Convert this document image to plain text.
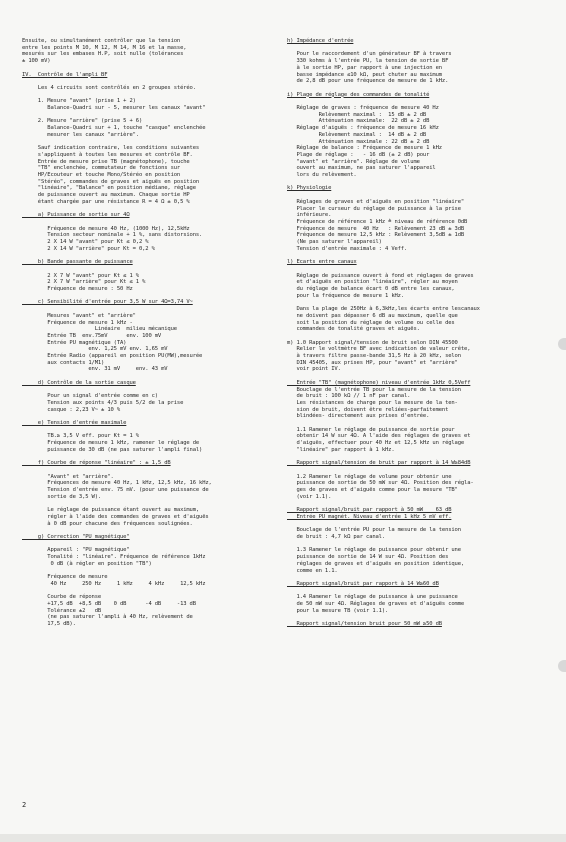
Ensuite, ou simultanément contrôler que la tension

entre les points M 10, M 12, M 14, M 16 et la masse,

mesurés sur les embases H.P, soit nulle (tolérances

± 100 mV)

IV.  Contrôle de l'ampli BF

Les 4 circuits sont contrôlés en 2 groupes stéréo.

1. Mesure "avant" (prise 1 + 2)

Balance-Quadri sur - 5, mesurer les canaux "avant"

2. Mesure "arrière" (prise 5 + 6)

Balance-Quadri sur + 1, touche "casque" enclenchée

mesurer les canaux "arrière".

Sauf indication contraire, les conditions suivantes

s'appliquent à toutes les mesures et contrôle BF.

Entrée de mesure prise TB (magnétophone), touche

"TB" enclenchée, commutateur de fonctions sur

HP/Ecouteur et touche Mono/Stéréo en position

"Stéréo", commandes de graves et aiguës en position

"linéaire", "Balance" en position médiane, réglage

de puissance ouvert au maximum. Chaque sortie HP

étant chargée par une résistance R = 4 Ω ± 0,5 %

a) Puissance de sortie sur 4Ω

Fréquence de mesure 40 Hz, (1000 Hz), 12,5kHz

Tension secteur nominale + 1 %, sans distorsions.

2 X 14 W "avant" pour Kt ≤ 0,2 %

2 X 14 W "arrière" pour Kt = 0,2 %

b) Bande passante de puissance

2 X 7 W "avant" pour Kt ≤ 1 %

2 X 7 W "arrière" pour Kt ≤ 1 %

Fréquence de mesure : 50 Hz

c) Sensibilité d'entrée pour 3,5 W sur 4Ω=3,74 V~

Mesures "avant" et "arrière"

Fréquence de mesure 1 kHz -

Linéaire  milieu mécanique

Entrée TB  env.75mV      env. 100 mV

Entrée PU magnétique (TA)

env. 1,25 mV env. 1,65 mV

Entrée Radio (appareil en position PU(MW),mesurée

aux contacts 1/M1)

env. 31 mV     env. 43 mV

d) Contrôle de la sortie casque

Pour un signal d'entrée comme en c)

Tension aux points 4/3 puis 5/2 de la prise

casque : 2,23 V~ ± 10 %

e) Tension d'entrée maximale

TB.≥ 3,5 V eff. pour Kt = 1 %

Fréquence de mesure 1 kHz, ramener le réglage de

puissance de 30 dB (ne pas saturer l'ampli final)

f) Courbe de réponse "linéaire" : ± 1,5 dB

"Avant" et "arrière".

Fréquences de mesure 40 Hz, 1 kHz, 12,5 kHz, 16 kHz,

Tension d'entrée env. 75 mV. (pour une puissance de

sortie de 3,5 W).

Le réglage de puissance étant ouvert au maximum,

régler à l'aide des commandes de graves et d'aiguës

à 0 dB pour chacune des fréquences soulignées.

g) Correction "PU magnétique"

Appareil : "PU magnétique"

Tonalité : "linéaire". Fréquence de référence 1kHz

0 dB (à régler en position "TB")

Fréquence de mesure

40 Hz     250 Hz     1 kHz     4 kHz     12,5 kHz

Courbe de réponse

+17,5 dB  +8,5 dB    0 dB      -4 dB     -13 dB

Tolérance ±2   dB

(ne pas saturer l'ampli à 40 Hz, relèvement de

17,5 dB).

h) Impédance d'entrée

Pour le raccordement d'un générateur BF à travers

330 kohms à l'entrée PU, la tension de sortie BF

à le sortie HP, par rapport à une injection en

basse impédance ≤10 kΩ, peut chuter au maximum

de 2,8 dB pour une fréquence de mesure de 1 kHz.

i) Plage de réglage des commandes de tonalité

Réglage de graves : fréquence de mesure 40 Hz

Relèvement maximal :  15 dB ± 2 dB

Atténuation maximale:  22 dB ± 2 dB

Réglage d'aiguës : fréquence de mesure 16 kHz

Relèvement maximal :  14 dB ± 2 dB

Atténuation maximale : 22 dB ± 2 dB

Réglage de balance : Fréquence de mesure 1 kHz

Plage de réglage :   - 16 dB (± 2 dB) pour

"avant" et "arrière". Réglage de volume

ouvert au maximum, ne pas saturer l'appareil

lors du relèvement.

k) Physiologie

Réglages de graves et d'aiguës en position "linéaire"

Placer le curseur du réglage de puissance à la prise

inférieure.

Fréquence de référence 1 kHz ≙ niveau de référence 0dB

Fréquence de mesure  40 Hz   : Relèvement 23 dB ± 3dB

Fréquence de mesure 12,5 kHz : Relèvement 3,5dB ± 1dB

(Ne pas saturer l'appareil)

Tension d'entrée maximale : 4 Veff.

l) Ecarts entre canaux

Réglage de puissance ouvert à fond et réglages de graves

et d'aiguës en position "linéaire", régler au moyen

du réglage de balance écart 0 dB entre les canaux,

pour la fréquence de mesure 1 kHz.

Dans la plage de 250Hz à 6,3kHz,les écarts entre lescanaux

ne doivent pas dépasser 6 dB au maximum, quelle que

soit la position du réglage de volume ou celle des

commandes de tonalité graves et aiguës.

m) 1.0 Rapport signal/tension de bruit selon DIN 45500

Relier le voltmètre BF avec indication de valeur crête,

à travers filtre passe-bande 31,5 Hz à 20 kHz, selon

DIN 45405, aux prises HP, pour "avant" et "arrière"

voir point IV.

Entrée "TB" (magnétophone) niveau d'entrée 1kHz 0,5Veff

Bouclage de l'entrée TB pour la mesure de la tension

de bruit : 100 kΩ // 1 nF par canal.

Les résistances de charge pour la mesure de la ten-

sion de bruit, doivent être reliées-parfaitement

blindées- directement aux prises d'entrée.

1.1 Ramener le réglage de puissance de sortie pour

obtenir 14 W sur 4Ω. A l'aide des réglages de graves et

d'aiguës, effectuer pour 40 Hz et 12,5 kHz un réglage

"linéaire" par rapport à 1 kHz.

Rapport signal/tension de bruit par rapport à 14 W≥84dB

1.2 Ramener le réglage de volume pour obtenir une

puissance de sortie de 50 mW sur 4Ω. Position des régla-

ges de graves et d'aiguës comme pour la mesure "TB"

(voir 1.1).

Rapport signal/bruit par rapport à 50 mW    63 dB

Entrée PU magnét. Niveau d'entrée 1 kHz 5 mV eff.

Bouclage de l'entrée PU pour la mesure de la tension

de bruit : 4,7 kΩ par canal.

1.3 Ramener le réglage de puissance pour obtenir une

puissance de sortie de 14 W sur 4Ω. Position des

réglages de graves et d'aiguës en position identique,

comme en 1.1.

Rapport signal/bruit par rapport à 14 W≥60 dB

1.4 Ramener le réglage de puissance à une puissance

de 50 mW sur 4Ω. Réglages de graves et d'aiguës comme

pour la mesure TB (voir 1.1).

Rapport signal/tension bruit pour 50 mW ≥50 dB

2
